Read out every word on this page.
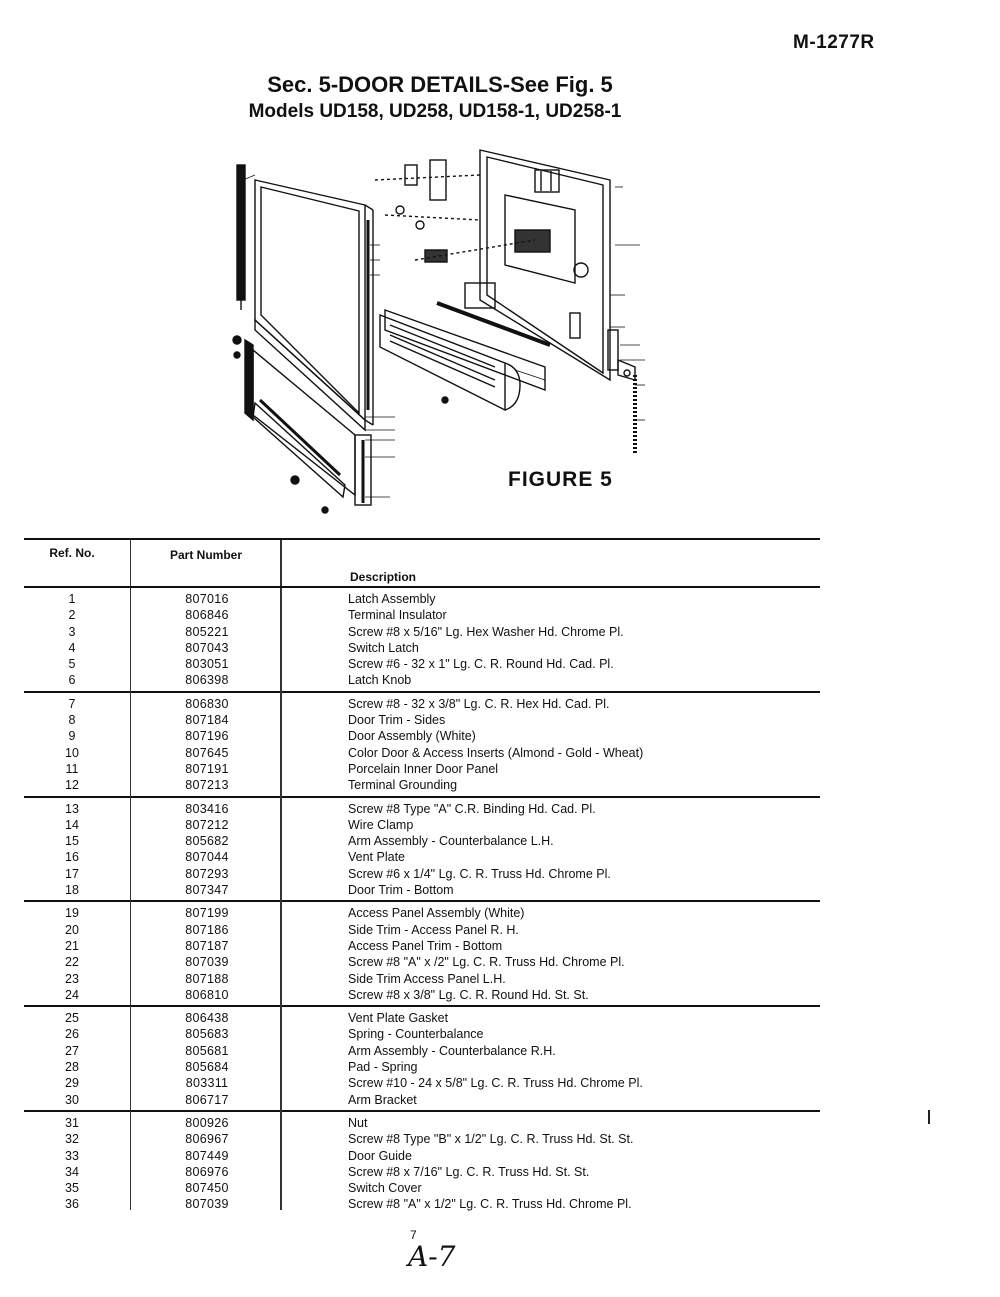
M-1277R
Sec. 5-DOOR DETAILS-See Fig. 5
Models UD158, UD258, UD158-1, UD258-1
FIGURE 5
Ref. No.	Part Number
Description
1	807016	Latch Assembly
2	806846	Terminal Insulator
3	805221	Screw #8 x 5/16" Lg. Hex Washer Hd. Chrome Pl.
4	807043	Switch Latch
5	803051	Screw #6 - 32 x 1" Lg. C. R. Round Hd. Cad. Pl.
6	806398	Latch Knob
7	806830	Screw #8 - 32 x 3/8" Lg. C. R. Hex Hd. Cad. Pl.
8	807184	Door Trim - Sides
9	807196	Door Assembly (White)
10	807645	Color Door & Access Inserts (Almond - Gold - Wheat)
11	807191	Porcelain Inner Door Panel
12	807213	Terminal Grounding
13	803416	Screw #8 Type "A" C.R. Binding Hd. Cad. Pl.
14	807212	Wire Clamp
15	805682	Arm Assembly - Counterbalance L.H.
16	807044	Vent Plate
17	807293	Screw #6 x 1/4" Lg. C. R. Truss Hd. Chrome Pl.
18	807347	Door Trim - Bottom
19	807199	Access Panel Assembly (White)
20	807186	Side Trim - Access Panel R. H.
21	807187	Access Panel Trim - Bottom
22	807039	Screw #8 "A" x /2" Lg. C. R. Truss Hd. Chrome Pl.
23	807188	Side Trim Access Panel L.H.
24	806810	Screw #8 x 3/8" Lg. C. R. Round Hd. St. St.
25	806438	Vent Plate Gasket
26	805683	Spring - Counterbalance
27	805681	Arm Assembly - Counterbalance R.H.
28	805684	Pad - Spring
29	803311	Screw #10 - 24 x 5/8" Lg. C. R. Truss Hd. Chrome Pl.
30	806717	Arm Bracket
31	800926	Nut
32	806967	Screw #8 Type "B" x 1/2" Lg. C. R. Truss Hd. St. St.
33	807449	Door Guide
34	806976	Screw #8 x 7/16" Lg. C. R. Truss Hd. St. St.
35	807450	Switch Cover
36	807039	Screw #8 "A" x 1/2" Lg. C. R. Truss Hd. Chrome Pl.
7
A-7
